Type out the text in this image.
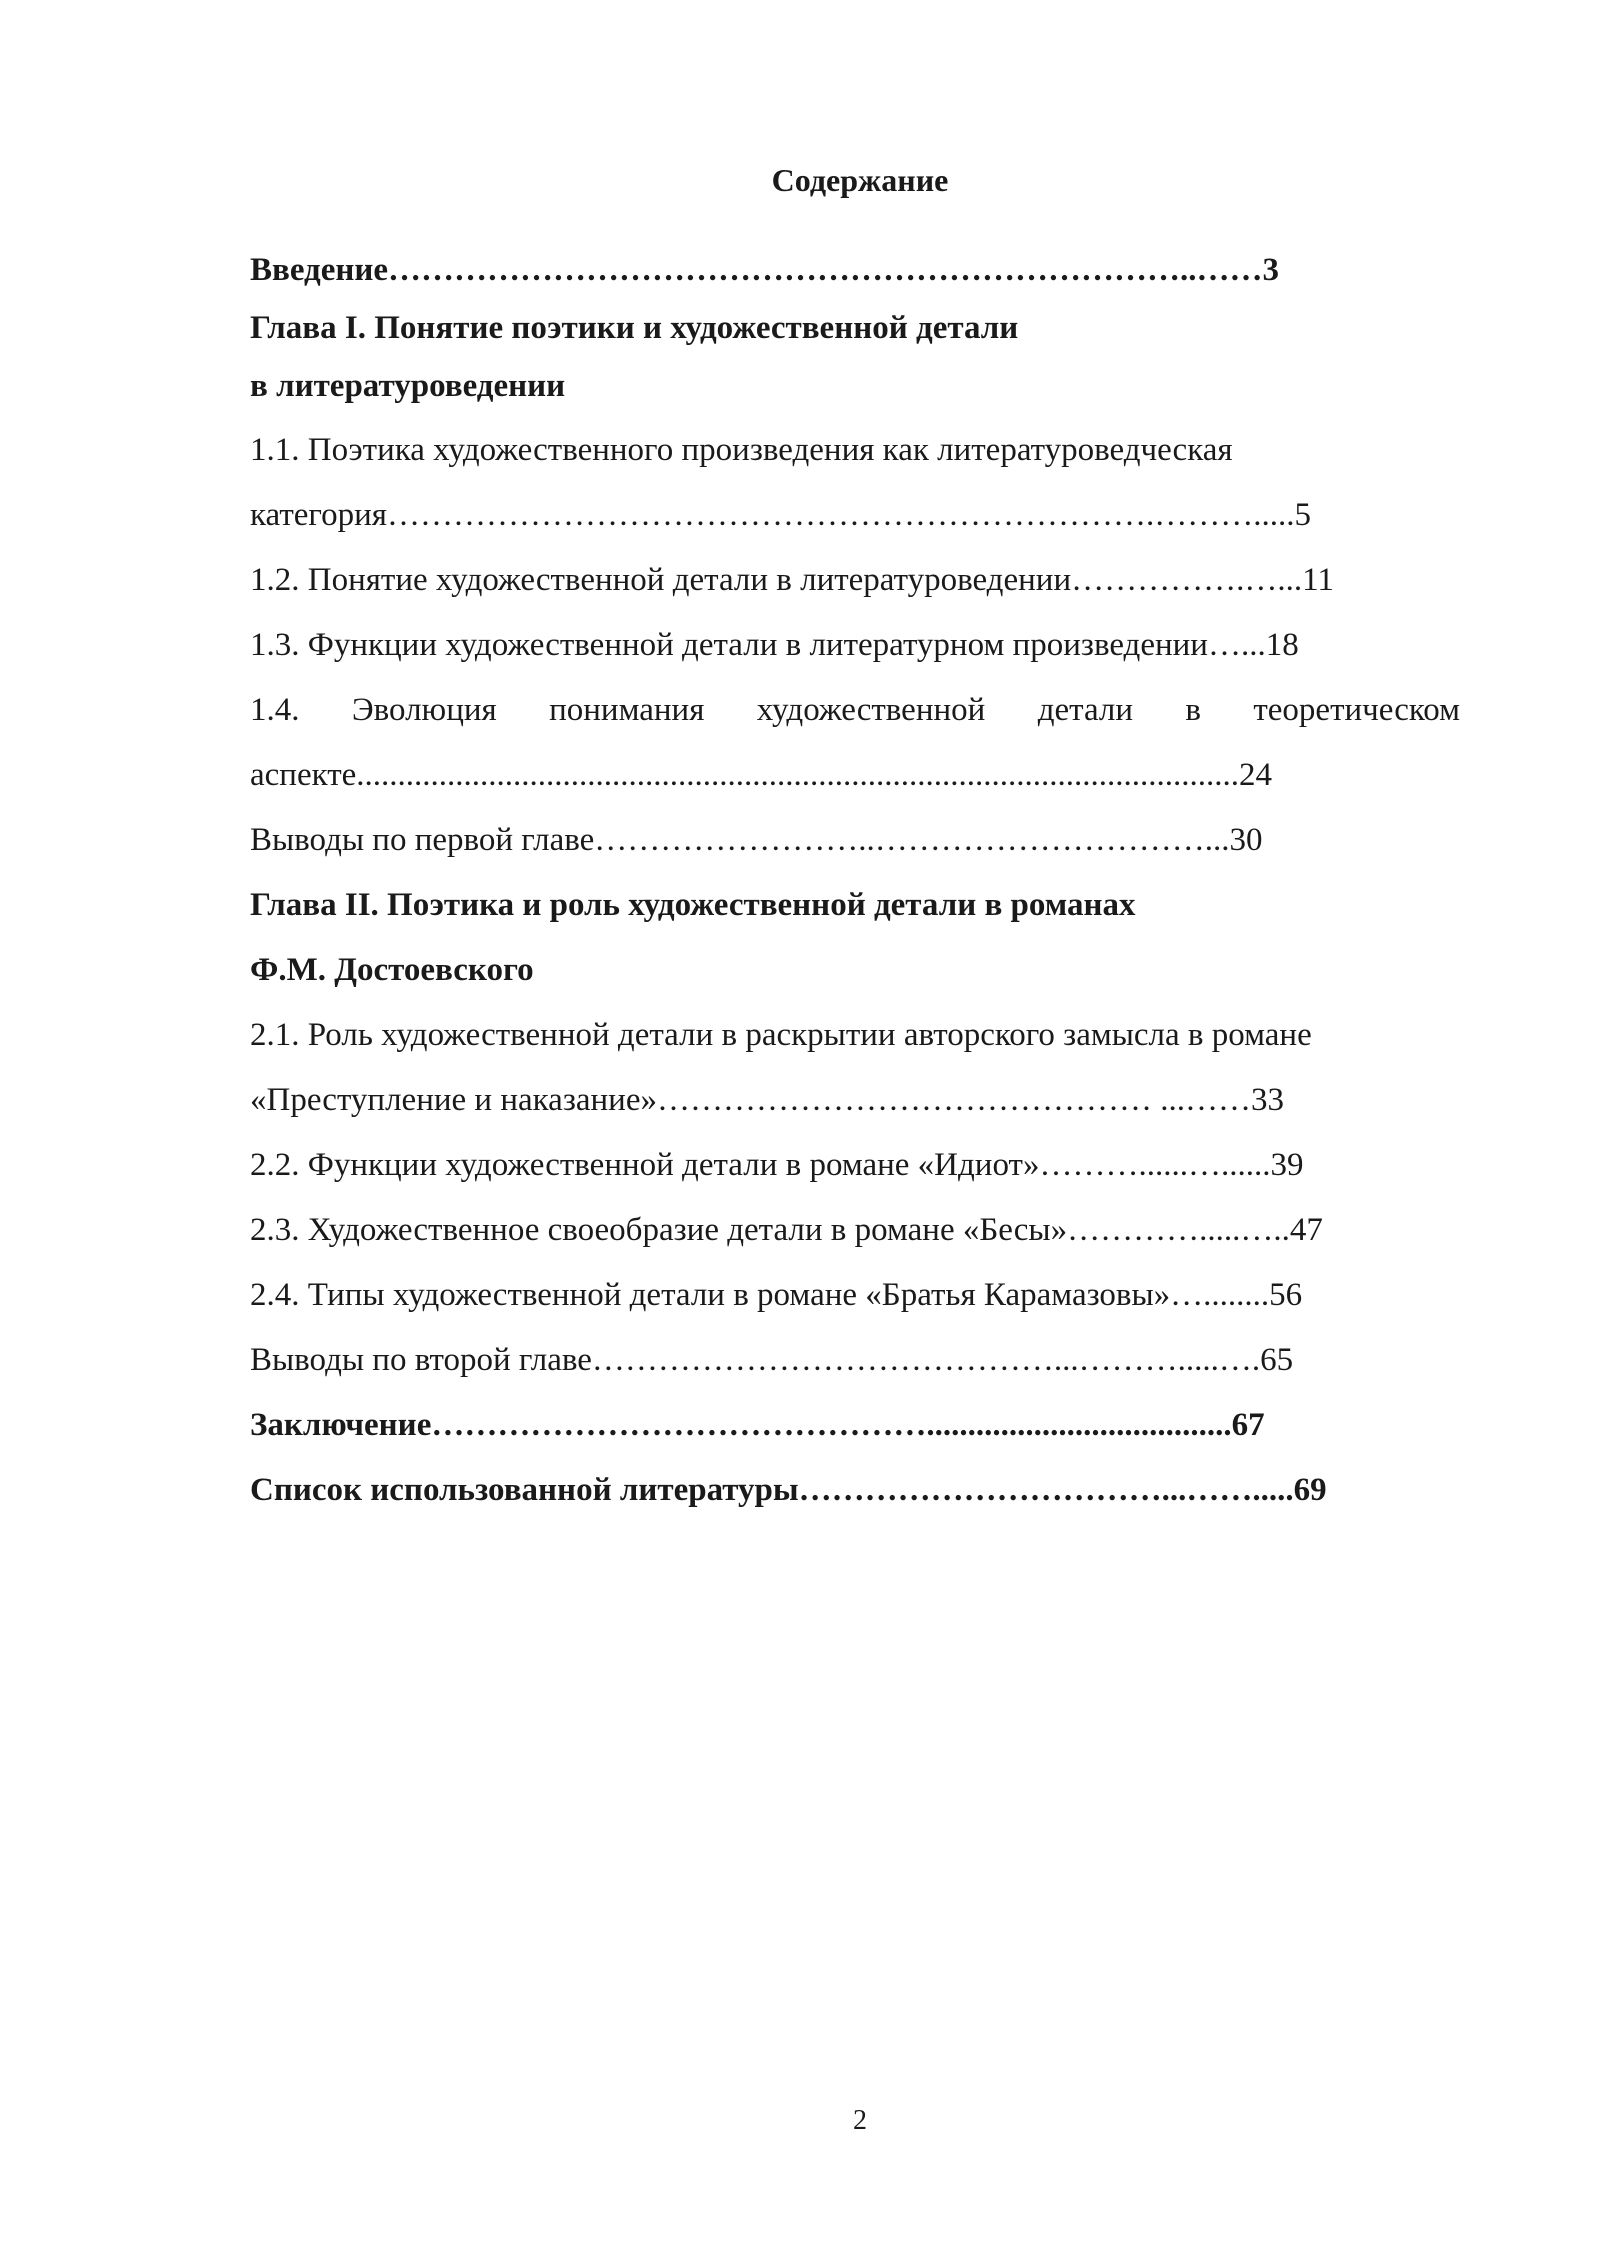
Содержание
Введение………………………………………………………………..……3
Глава I. Понятие поэтики и художественной детали
в литературоведении
1.1. Поэтика художественного произведения как литературоведческая
категория…………………………………………………………….……….....5
1.2. Понятие художественной детали в литературоведении…………….…...11
1.3. Функции художественной детали в литературном произведении…...18
1.4. Эволюция понимания художественной детали в теоретическом
аспекте...........................................................................................................24
Выводы по первой главе……………………..…………………………...30
Глава II. Поэтика и роль художественной детали в романах
Ф.М. Достоевского
2.1. Роль художественной детали в раскрытии авторского замысла в романе
«Преступление и наказание»……………………………………… ...……33
2.2. Функции художественной детали в романе «Идиот»………......…......39
2.3. Художественное своеобразие детали в романе «Бесы»………….....…..47
2.4. Типы художественной детали в романе «Братья Карамазовы»…........56
Выводы по второй главе……………………………………...……….....….65
Заключение……………………………………….....................................67
Список использованной литературы……………………………...…….....69
2
